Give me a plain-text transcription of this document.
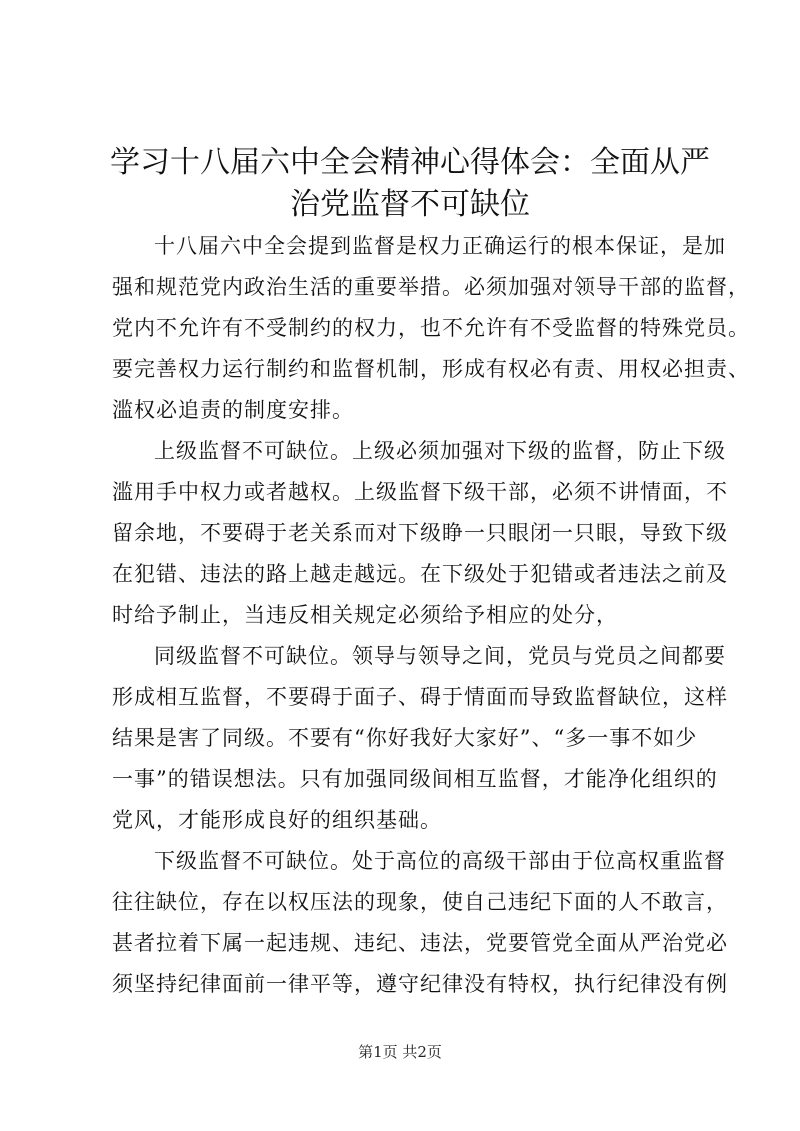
学习十八届六中全会精神心得体会：全面从严
治党监督不可缺位

十八届六中全会提到监督是权力正确运行的根本保证，是加
强和规范党内政治生活的重要举措。必须加强对领导干部的监督，
党内不允许有不受制约的权力，也不允许有不受监督的特殊党员。
要完善权力运行制约和监督机制，形成有权必有责、用权必担责、
滥权必追责的制度安排。

上级监督不可缺位。上级必须加强对下级的监督，防止下级
滥用手中权力或者越权。上级监督下级干部，必须不讲情面，不
留余地，不要碍于老关系而对下级睁一只眼闭一只眼，导致下级
在犯错、违法的路上越走越远。在下级处于犯错或者违法之前及
时给予制止，当违反相关规定必须给予相应的处分，

同级监督不可缺位。领导与领导之间，党员与党员之间都要
形成相互监督，不要碍于面子、碍于情面而导致监督缺位，这样
结果是害了同级。不要有“你好我好大家好”、“多一事不如少
一事”的错误想法。只有加强同级间相互监督，才能净化组织的
党风，才能形成良好的组织基础。

下级监督不可缺位。处于高位的高级干部由于位高权重监督
往往缺位，存在以权压法的现象，使自己违纪下面的人不敢言，
甚者拉着下属一起违规、违纪、违法，党要管党全面从严治党必
须坚持纪律面前一律平等，遵守纪律没有特权，执行纪律没有例

第1页 共2页
